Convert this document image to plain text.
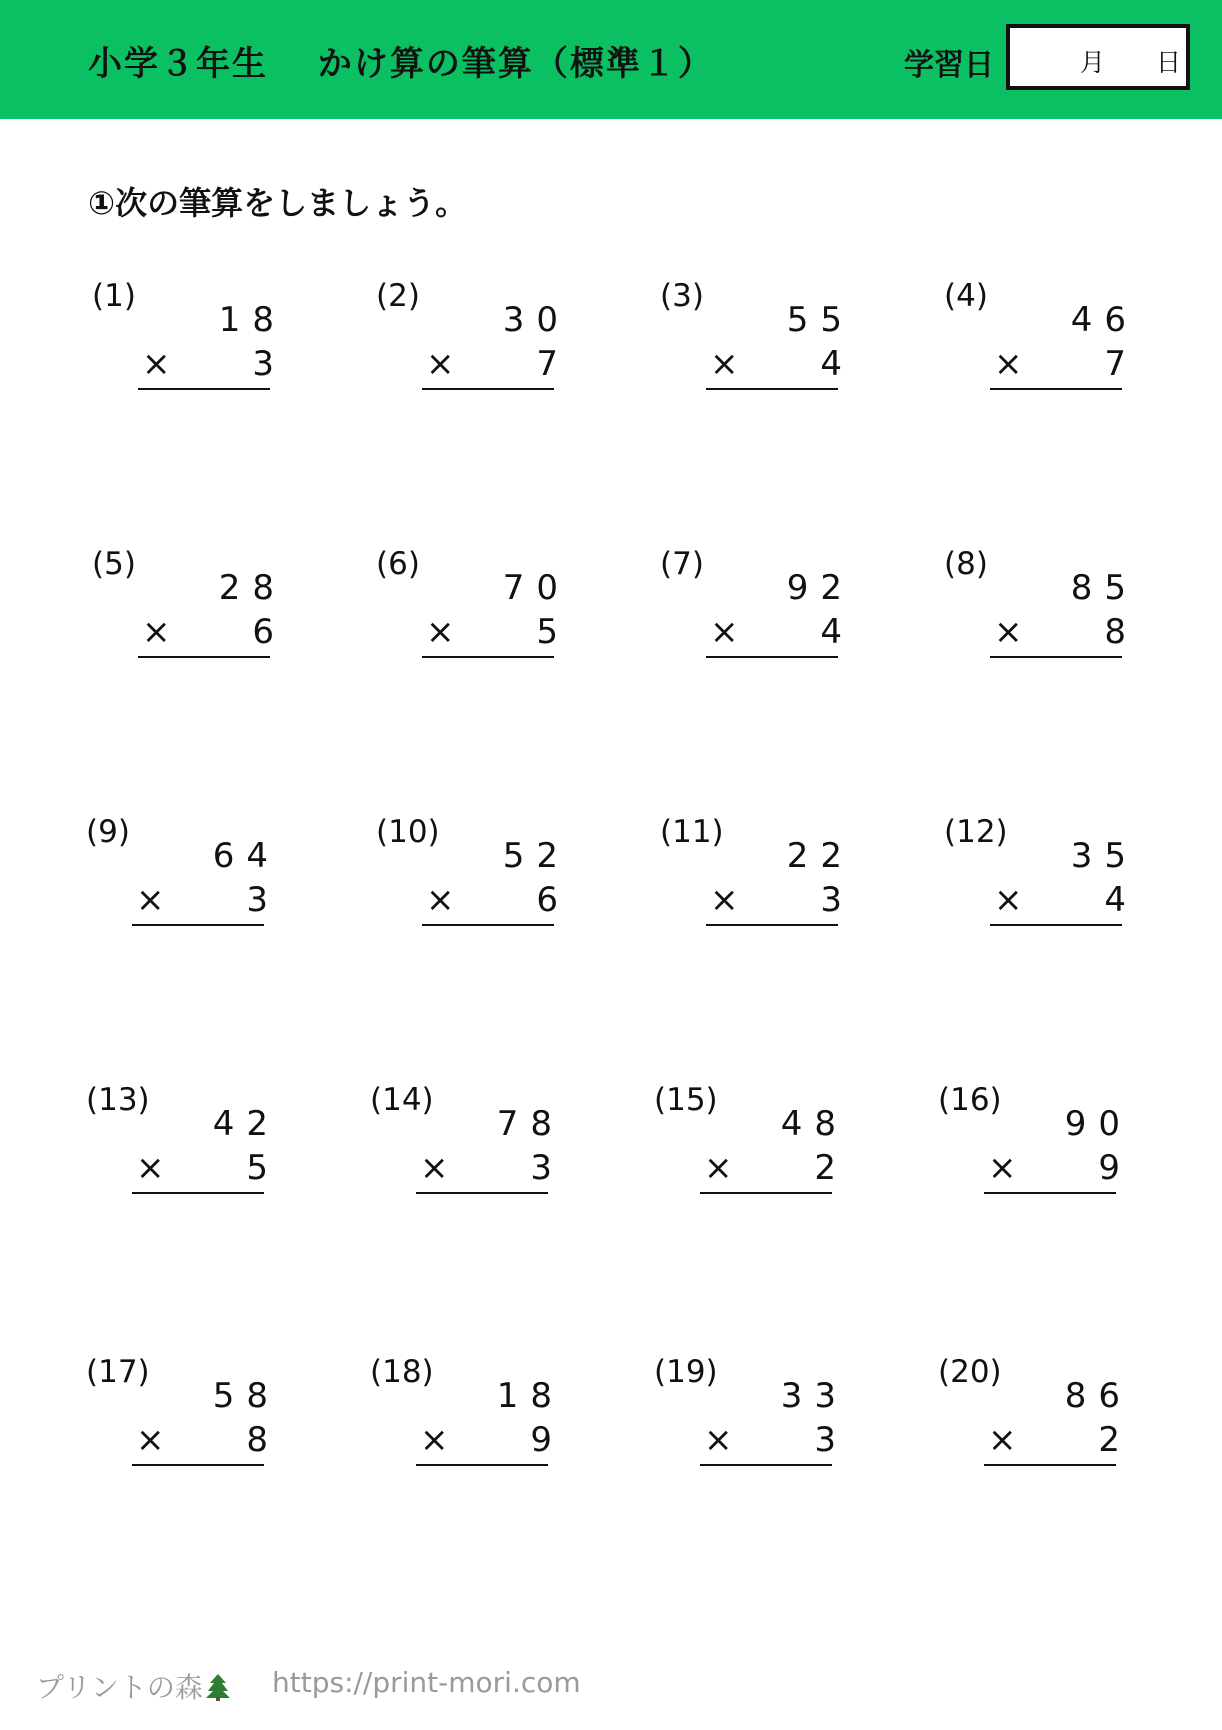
小学３年生　 かけ算の筆算（標準１）	学習日	月 日
①次の筆算をしましょう。
(1)
18
× 3
(2)
30
× 7
(3)
55
× 4
(4)
46
× 7
(5)
28
× 6
(6)
70
× 5
(7)
92
× 4
(8)
85
× 8
(9)
64
× 3
(10)
52
× 6
(11)
22
× 3
(12)
35
× 4
(13)
42
× 5
(14)
78
× 3
(15)
48
× 2
(16)
90
× 9
(17)
58
× 8
(18)
18
× 9
(19)
33
× 3
(20)
86
× 2
プリントの森	https://print-mori.com
